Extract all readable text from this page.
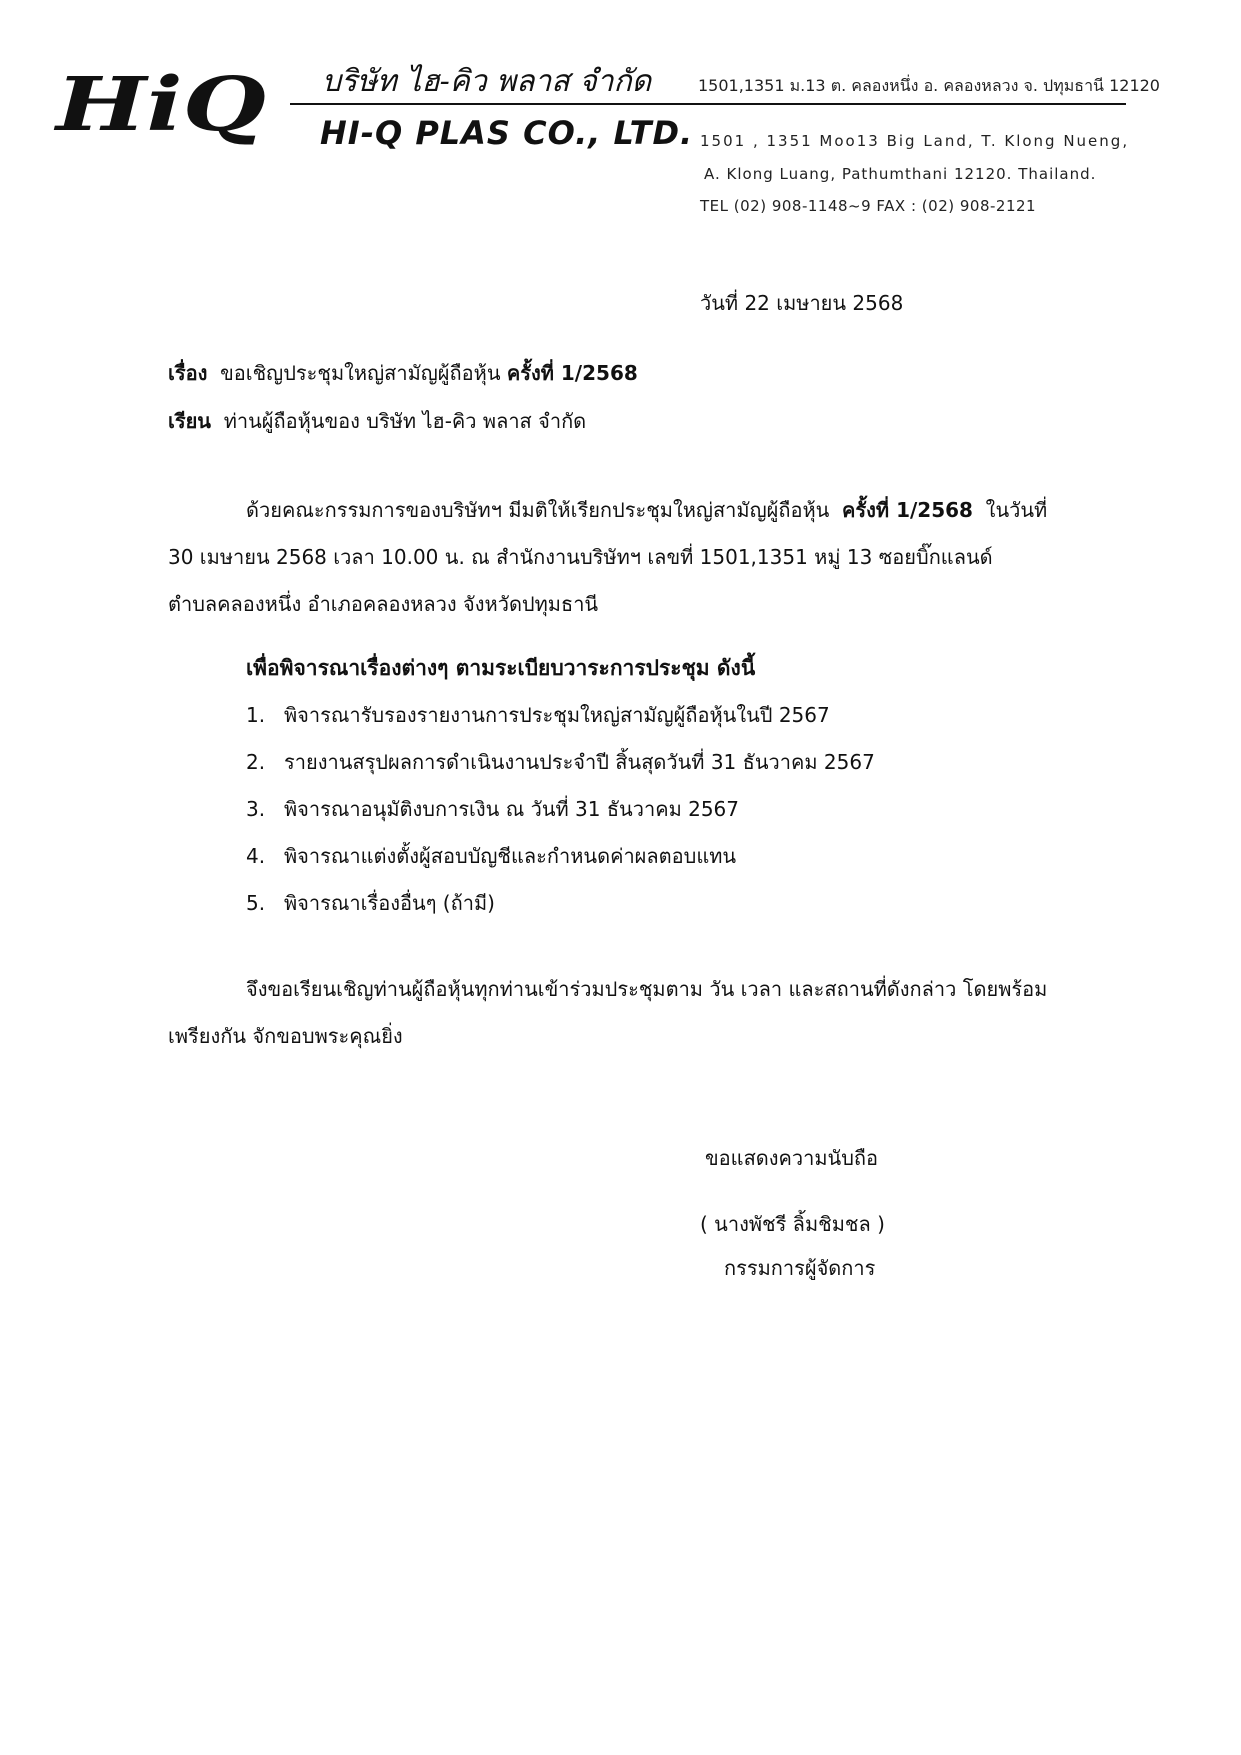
HiQ บริษัท ไฮ-คิว พลาส จำกัด
HI-Q PLAS CO., LTD.
1501,1351 ม.13 ต. คลองหนึ่ง อ. คลองหลวง จ. ปทุมธานี 12120
1501 , 1351 Moo13 Big Land, T. Klong Nueng,
A. Klong Luang, Pathumthani 12120. Thailand.
TEL (02) 908-1148~9 FAX : (02) 908-2121
วันที่ 22 เมษายน 2568
เรื่อง ขอเชิญประชุมใหญ่สามัญผู้ถือหุ้น ครั้งที่ 1/2568
เรียน ท่านผู้ถือหุ้นของ บริษัท ไฮ-คิว พลาส จำกัด
ด้วยคณะกรรมการของบริษัทฯ มีมติให้เรียกประชุมใหญ่สามัญผู้ถือหุ้น ครั้งที่ 1/2568 ในวันที่
30 เมษายน 2568 เวลา 10.00 น. ณ สำนักงานบริษัทฯ เลขที่ 1501,1351 หมู่ 13 ซอยบิ๊กแลนด์
ตำบลคลองหนึ่ง อำเภอคลองหลวง จังหวัดปทุมธานี
เพื่อพิจารณาเรื่องต่างๆ ตามระเบียบวาระการประชุม ดังนี้
1. พิจารณารับรองรายงานการประชุมใหญ่สามัญผู้ถือหุ้นในปี 2567
2. รายงานสรุปผลการดำเนินงานประจำปี สิ้นสุดวันที่ 31 ธันวาคม 2567
3. พิจารณาอนุมัติงบการเงิน ณ วันที่ 31 ธันวาคม 2567
4. พิจารณาแต่งตั้งผู้สอบบัญชีและกำหนดค่าผลตอบแทน
5. พิจารณาเรื่องอื่นๆ (ถ้ามี)
จึงขอเรียนเชิญท่านผู้ถือหุ้นทุกท่านเข้าร่วมประชุมตาม วัน เวลา และสถานที่ดังกล่าว โดยพร้อม
เพรียงกัน จักขอบพระคุณยิ่ง
ขอแสดงความนับถือ
( นางพัชรี ลิ้มชิมชล )
กรรมการผู้จัดการ
